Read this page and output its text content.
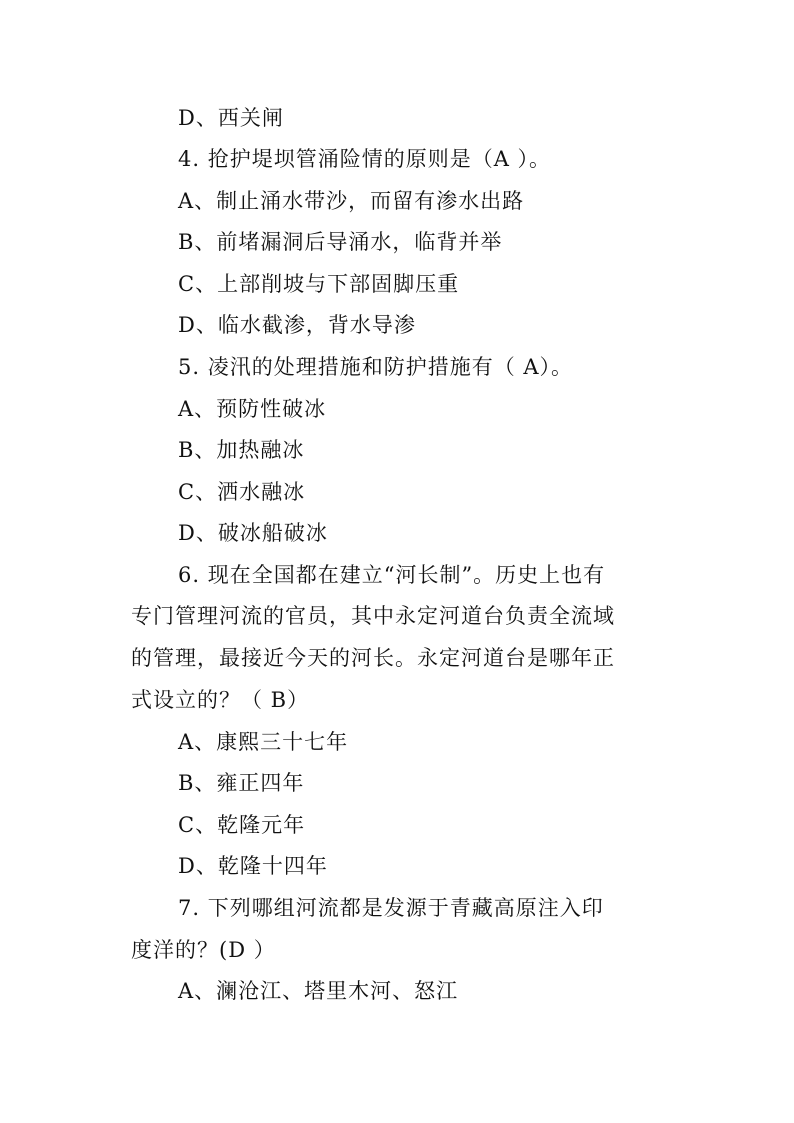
D、西关闸
4. 抢护堤坝管涌险情的原则是（A ）。
A、制止涌水带沙，而留有渗水出路
B、前堵漏洞后导涌水，临背并举
C、上部削坡与下部固脚压重
D、临水截渗，背水导渗
5. 凌汛的处理措施和防护措施有（ A）。
A、预防性破冰
B、加热融冰
C、洒水融冰
D、破冰船破冰
6. 现在全国都在建立“河长制”。历史上也有
专门管理河流的官员，其中永定河道台负责全流域
的管理，最接近今天的河长。永定河道台是哪年正
式设立的？（ B）
A、康熙三十七年
B、雍正四年
C、乾隆元年
D、乾隆十四年
7. 下列哪组河流都是发源于青藏高原注入印
度洋的？(D ）
A、澜沧江、塔里木河、怒江
